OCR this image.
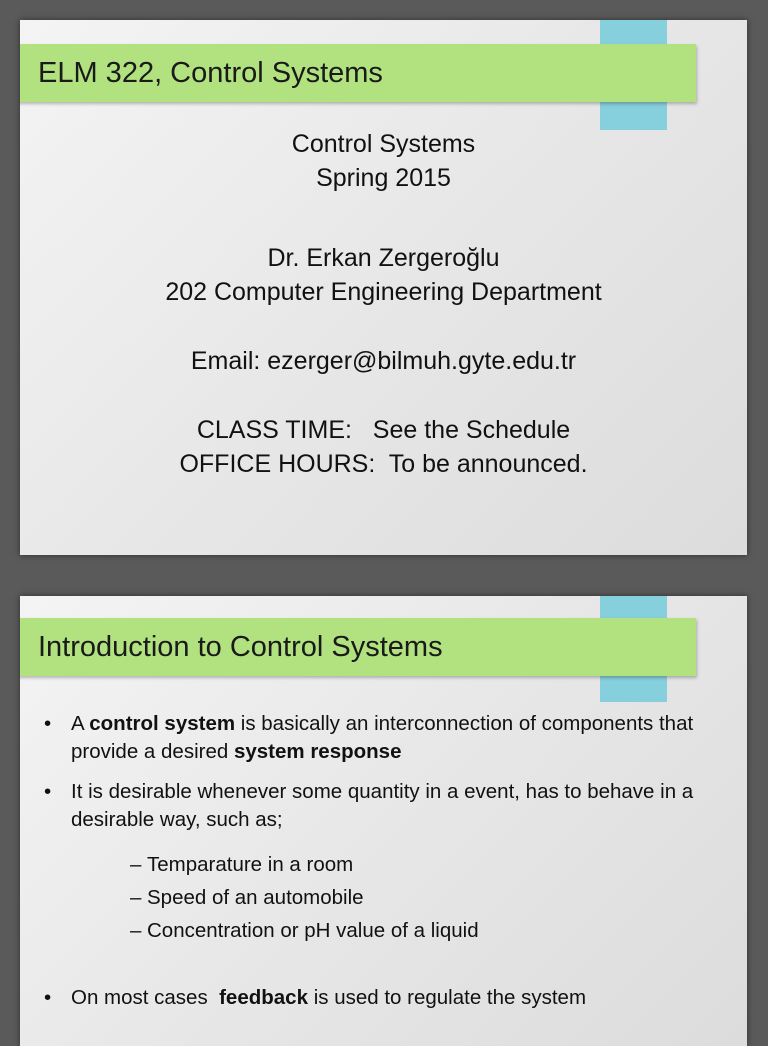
ELM 322, Control Systems
Control Systems
Spring 2015
Dr. Erkan Zergeroğlu
202 Computer Engineering Department
Email: ezerger@bilmuh.gyte.edu.tr
CLASS TIME:   See the Schedule
OFFICE HOURS:  To be announced.
Introduction to Control Systems
• A control system is basically an interconnection of components that provide a desired system response
• It is desirable whenever some quantity in a event, has to behave in a desirable way, such as;
– Temparature in a room
– Speed of an automobile
– Concentration or pH value of a liquid
• On most cases  feedback is used to regulate the system
